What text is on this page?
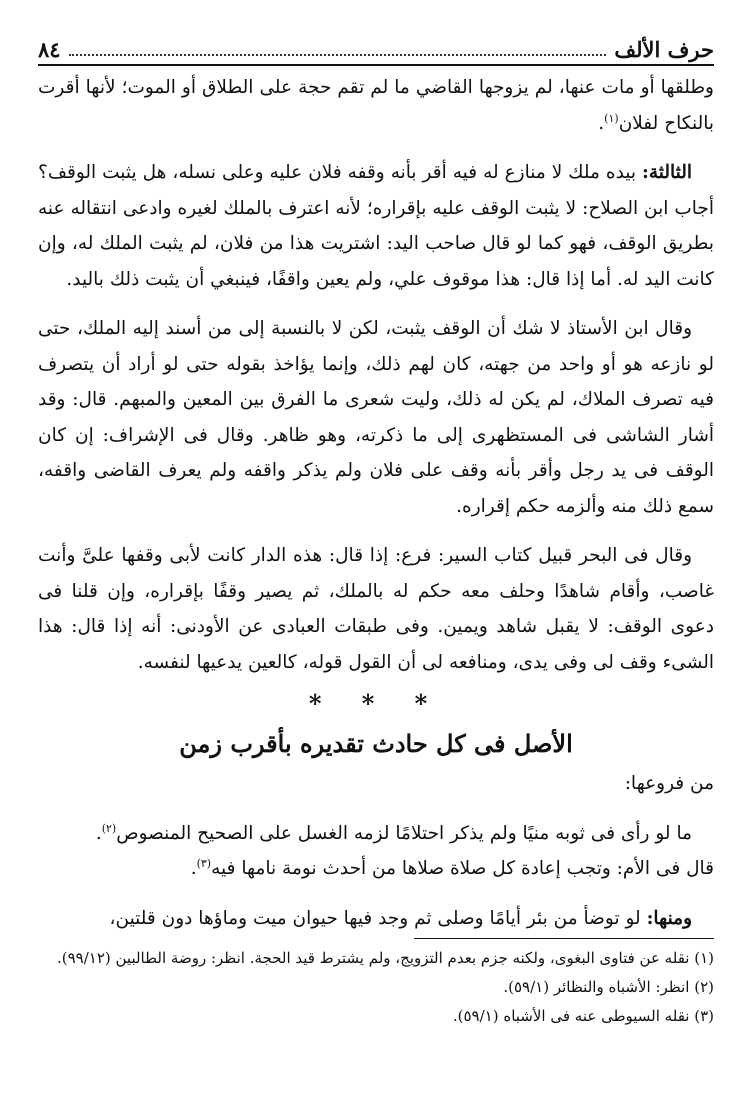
حرف الألف
٨٤

وطلقها أو مات عنها، لم يزوجها القاضي ما لم تقم حجة على الطلاق أو الموت؛ لأنها أقرت بالنكاح لفلان$^{(١)}$.

الثالثة: بيده ملك لا منازع له فيه أقر بأنه وقفه فلان عليه وعلى نسله، هل يثبت الوقف؟ أجاب ابن الصلاح: لا يثبت الوقف عليه بإقراره؛ لأنه اعترف بالملك لغيره وادعى انتقاله عنه بطريق الوقف، فهو كما لو قال صاحب اليد: اشتريت هذا من فلان، لم يثبت الملك له، وإن كانت اليد له. أما إذا قال: هذا موقوف علي، ولم يعين واقفًا، فينبغي أن يثبت ذلك باليد.

وقال ابن الأستاذ لا شك أن الوقف يثبت، لكن لا بالنسبة إلى من أسند إليه الملك، حتى لو نازعه هو أو واحد من جهته، كان لهم ذلك، وإنما يؤاخذ بقوله حتى لو أراد أن يتصرف فيه تصرف الملاك، لم يكن له ذلك، وليت شعرى ما الفرق بين المعين والمبهم. قال: وقد أشار الشاشى فى المستظهرى إلى ما ذكرته، وهو ظاهر. وقال فى الإشراف: إن كان الوقف فى يد رجل وأقر بأنه وقف على فلان ولم يذكر واقفه ولم يعرف القاضى واقفه، سمع ذلك منه وألزمه حكم إقراره.

وقال فى البحر قبيل كتاب السير: فرع: إذا قال: هذه الدار كانت لأبى وقفها علىَّ وأنت غاصب، وأقام شاهدًا وحلف معه حكم له بالملك، ثم يصير وقفًا بإقراره، وإن قلنا فى دعوى الوقف: لا يقبل شاهد ويمين. وفى طبقات العبادى عن الأودنى: أنه إذا قال: هذا الشىء وقف لى وفى يدى، ومنافعه لى أن القول قوله، كالعين يدعيها لنفسه.

* * *
الأصل فى كل حادث تقديره بأقرب زمن

من فروعها:

ما لو رأى فى ثوبه منيًا ولم يذكر احتلامًا لزمه الغسل على الصحيح المنصوص$^{(٢)}$.

قال فى الأم: وتجب إعادة كل صلاة صلاها من أحدث نومة نامها فيه$^{(٣)}$.

ومنها: لو توضأ من بئر أيامًا وصلى ثم وجد فيها حيوان ميت وماؤها دون قلتين،

(١) نقله عن فتاوى البغوى، ولكنه جزم بعدم التزويج، ولم يشترط قيد الحجة. انظر: روضة الطالبين (٩٩/١٢).

(٢) انظر: الأشباه والنظائر (٥٩/١).

(٣) نقله السيوطى عنه فى الأشباه (٥٩/١).
